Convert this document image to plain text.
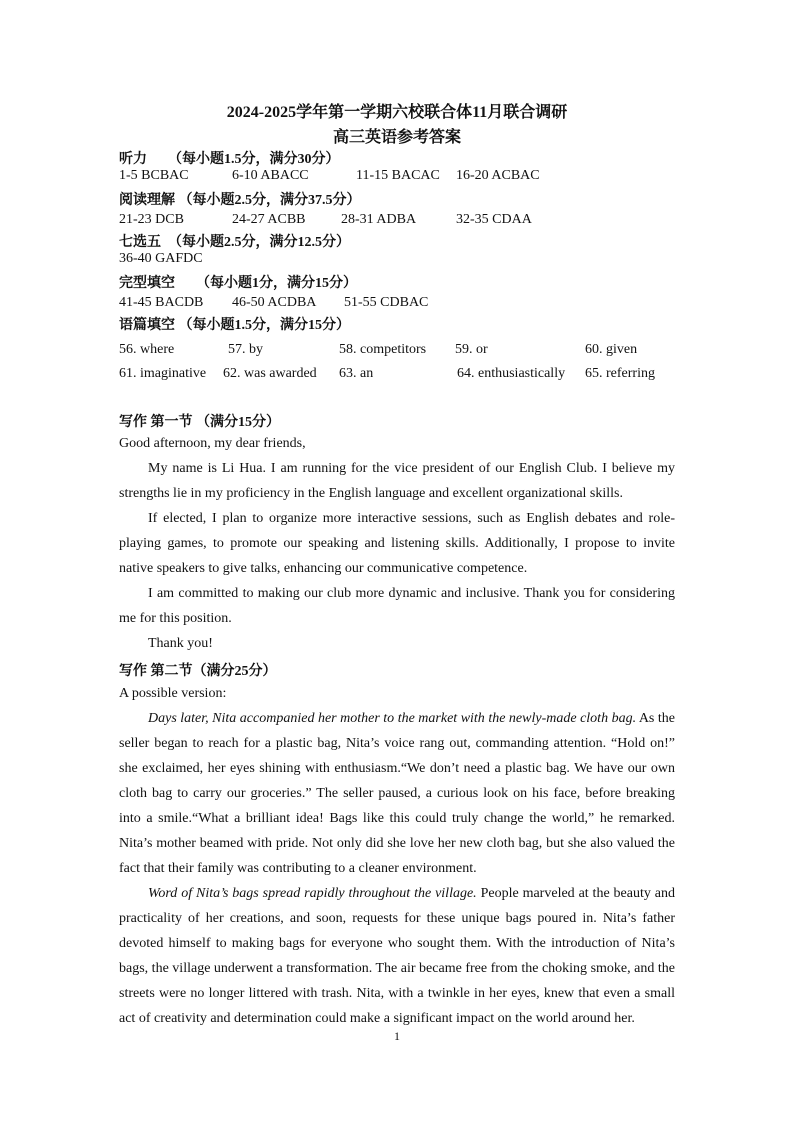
2024-2025学年第一学期六校联合体11月联合调研
高三英语参考答案
听力　　（每小题1.5分，满分30分）
1-5 BCBAC	6-10 ABACC	11-15 BACAC 16-20 ACBAC
阅读理解 （每小题2.5分，满分37.5分）
21-23 DCB	24-27 ACBB	28-31 ADBA	32-35 CDAA
七选五　（每小题2.5分，满分12.5分）
36-40 GAFDC
完型填空　　（每小题1分，满分15分）
41-45 BACDB 46-50 ACDBA 51-55 CDBAC
语篇填空 （每小题1.5分，满分15分）
56. where	57. by	58. competitors 59. or	60. given
61. imaginative 62. was awarded 63. an	64. enthusiastically 65. referring
写作 第一节 （满分15分）
Good afternoon, my dear friends,
My name is Li Hua. I am running for the vice president of our English Club. I believe my strengths lie in my proficiency in the English language and excellent organizational skills.
If elected, I plan to organize more interactive sessions, such as English debates and role-playing games, to promote our speaking and listening skills. Additionally, I propose to invite native speakers to give talks, enhancing our communicative competence.
I am committed to making our club more dynamic and inclusive. Thank you for considering me for this position.
Thank you!
写作 第二节（满分25分）
A possible version:
Days later, Nita accompanied her mother to the market with the newly-made cloth bag. As the seller began to reach for a plastic bag, Nita’s voice rang out, commanding attention. “Hold on!” she exclaimed, her eyes shining with enthusiasm.“We don’t need a plastic bag. We have our own cloth bag to carry our groceries.” The seller paused, a curious look on his face, before breaking into a smile.“What a brilliant idea! Bags like this could truly change the world,” he remarked. Nita’s mother beamed with pride. Not only did she love her new cloth bag, but she also valued the fact that their family was contributing to a cleaner environment.
Word of Nita’s bags spread rapidly throughout the village. People marveled at the beauty and practicality of her creations, and soon, requests for these unique bags poured in. Nita’s father devoted himself to making bags for everyone who sought them. With the introduction of Nita’s bags, the village underwent a transformation. The air became free from the choking smoke, and the streets were no longer littered with trash. Nita, with a twinkle in her eyes, knew that even a small act of creativity and determination could make a significant impact on the world around her.
1
